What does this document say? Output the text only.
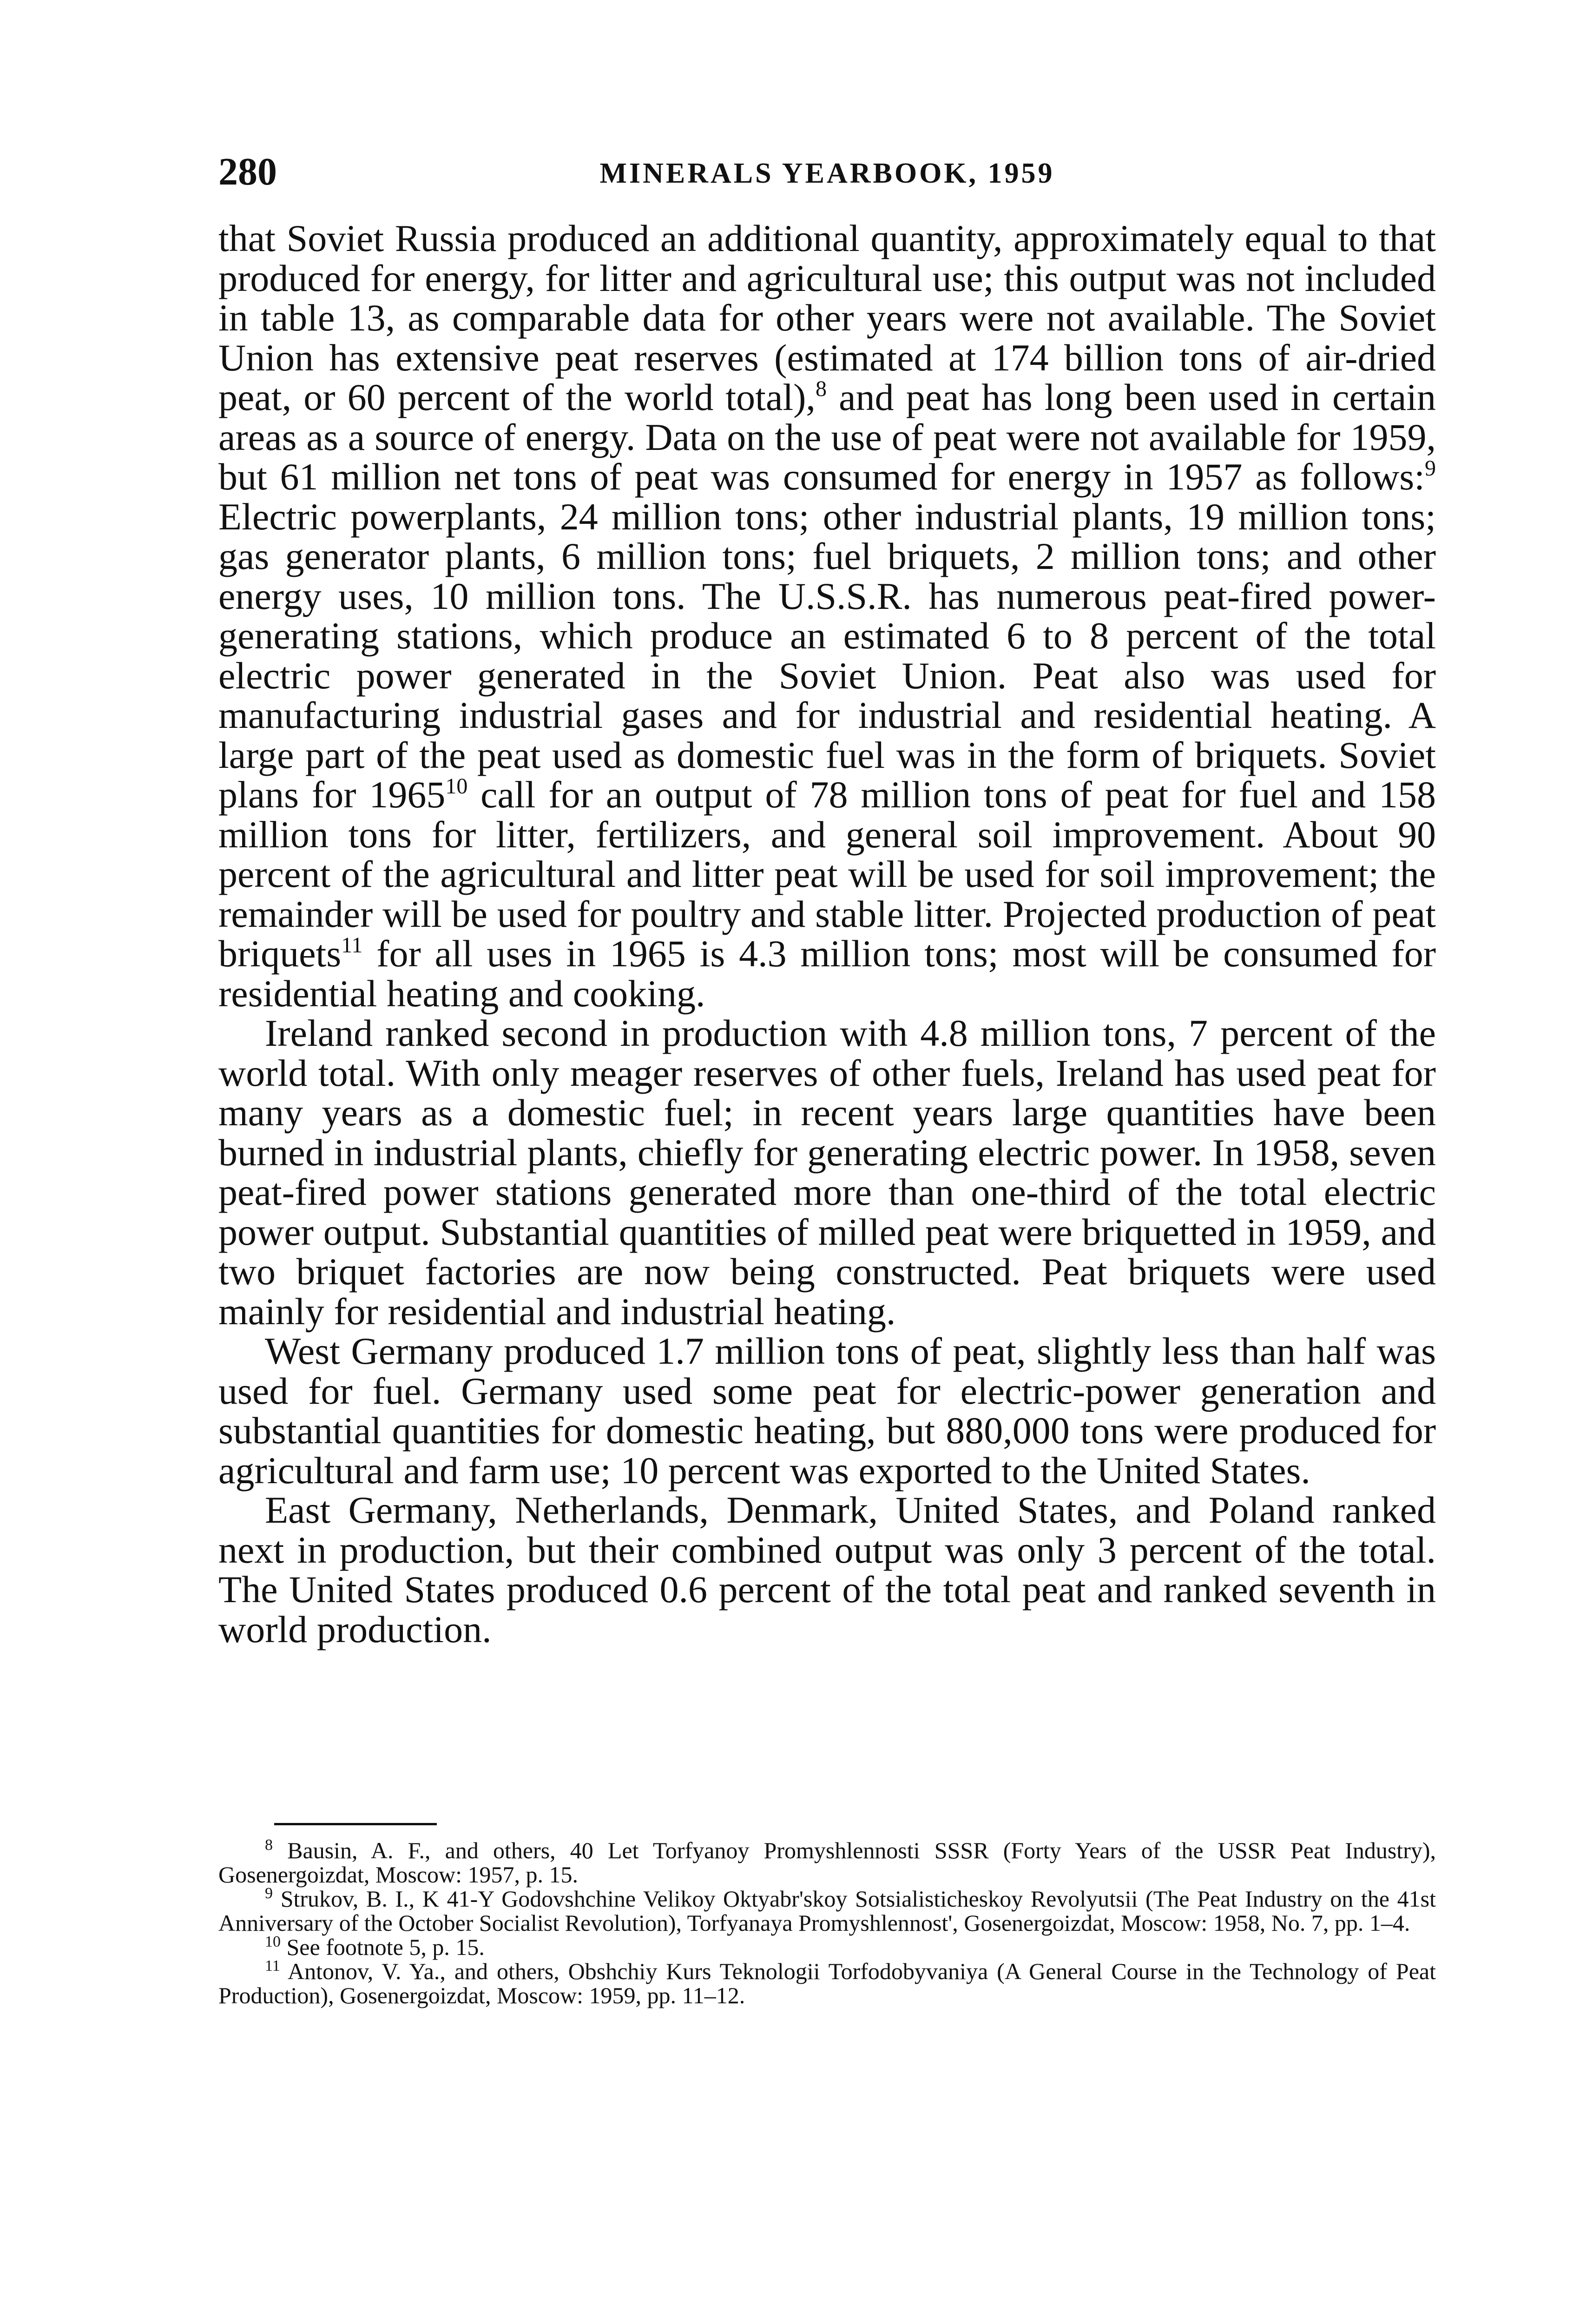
280	MINERALS YEARBOOK, 1959

that Soviet Russia produced an additional quantity, approximately equal to that produced for energy, for litter and agricultural use; this output was not included in table 13, as comparable data for other years were not available. The Soviet Union has extensive peat reserves (estimated at 174 billion tons of air-dried peat, or 60 percent of the world total),$^8$ and peat has long been used in certain areas as a source of energy. Data on the use of peat were not available for 1959, but 61 million net tons of peat was consumed for energy in 1957 as follows:$^9$ Electric powerplants, 24 million tons; other industrial plants, 19 million tons; gas generator plants, 6 million tons; fuel briquets, 2 million tons; and other energy uses, 10 million tons. The U.S.S.R. has numerous peat-fired power-generating stations, which produce an estimated 6 to 8 percent of the total electric power generated in the Soviet Union. Peat also was used for manufacturing industrial gases and for industrial and residential heating. A large part of the peat used as domestic fuel was in the form of briquets. Soviet plans for 1965$^{10}$ call for an output of 78 million tons of peat for fuel and 158 million tons for litter, fertilizers, and general soil improvement. About 90 percent of the agricultural and litter peat will be used for soil improvement; the remainder will be used for poultry and stable litter. Projected production of peat briquets$^{11}$ for all uses in 1965 is 4.3 million tons; most will be consumed for residential heating and cooking.

Ireland ranked second in production with 4.8 million tons, 7 percent of the world total. With only meager reserves of other fuels, Ireland has used peat for many years as a domestic fuel; in recent years large quantities have been burned in industrial plants, chiefly for generating electric power. In 1958, seven peat-fired power stations generated more than one-third of the total electric power output. Substantial quantities of milled peat were briquetted in 1959, and two briquet factories are now being constructed. Peat briquets were used mainly for residential and industrial heating.

West Germany produced 1.7 million tons of peat, slightly less than half was used for fuel. Germany used some peat for electric-power generation and substantial quantities for domestic heating, but 880,000 tons were produced for agricultural and farm use; 10 percent was exported to the United States.

East Germany, Netherlands, Denmark, United States, and Poland ranked next in production, but their combined output was only 3 percent of the total. The United States produced 0.6 percent of the total peat and ranked seventh in world production.

$^8$ Bausin, A. F., and others, 40 Let Torfyanoy Promyshlennosti SSSR (Forty Years of the USSR Peat Industry), Gosenergoizdat, Moscow: 1957, p. 15.

$^9$ Strukov, B. I., K 41-Y Godovshchine Velikoy Oktyabr'skoy Sotsialisticheskoy Revolyutsii (The Peat Industry on the 41st Anniversary of the October Socialist Revolution), Torfyanaya Promyshlennost', Gosenergoizdat, Moscow: 1958, No. 7, pp. 1–4.

$^{10}$ See footnote 5, p. 15.

$^{11}$ Antonov, V. Ya., and others, Obshchiy Kurs Teknologii Torfodobyvaniya (A General Course in the Technology of Peat Production), Gosenergoizdat, Moscow: 1959, pp. 11–12.
